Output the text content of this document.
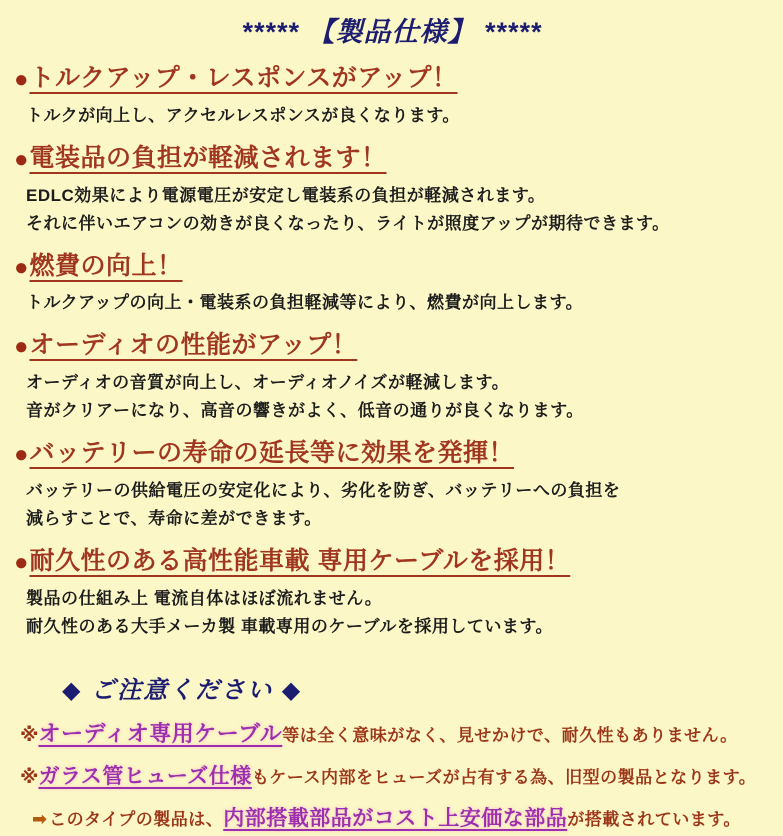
***** 【製品仕様】 *****
●トルクアップ・レスポンスがアップ！
トルクが向上し、アクセルレスポンスが良くなります。
●電装品の負担が軽減されます！
EDLC効果により電源電圧が安定し電装系の負担が軽減されます。
それに伴いエアコンの効きが良くなったり、ライトが照度アップが期待できます。
●燃費の向上！
トルクアップの向上・電装系の負担軽減等により、燃費が向上します。
●オーディオの性能がアップ！
オーディオの音質が向上し、オーディオノイズが軽減します。
音がクリアーになり、高音の響きがよく、低音の通りが良くなります。
●バッテリーの寿命の延長等に効果を発揮！
バッテリーの供給電圧の安定化により、劣化を防ぎ、バッテリーへの負担を
減らすことで、寿命に差ができます。
●耐久性のある高性能車載 専用ケーブルを採用！
製品の仕組み上 電流自体はほぼ流れません。
耐久性のある大手メーカ製 車載専用のケーブルを採用しています。
◆ ご注意ください ◆
※オーディオ専用ケーブル等は全く意味がなく、見せかけで、耐久性もありません。
※ガラス管ヒューズ仕様もケース内部をヒューズが占有する為、旧型の製品となります。
➡ このタイプの製品は、内部搭載部品がコスト上安価な部品が搭載されています。
